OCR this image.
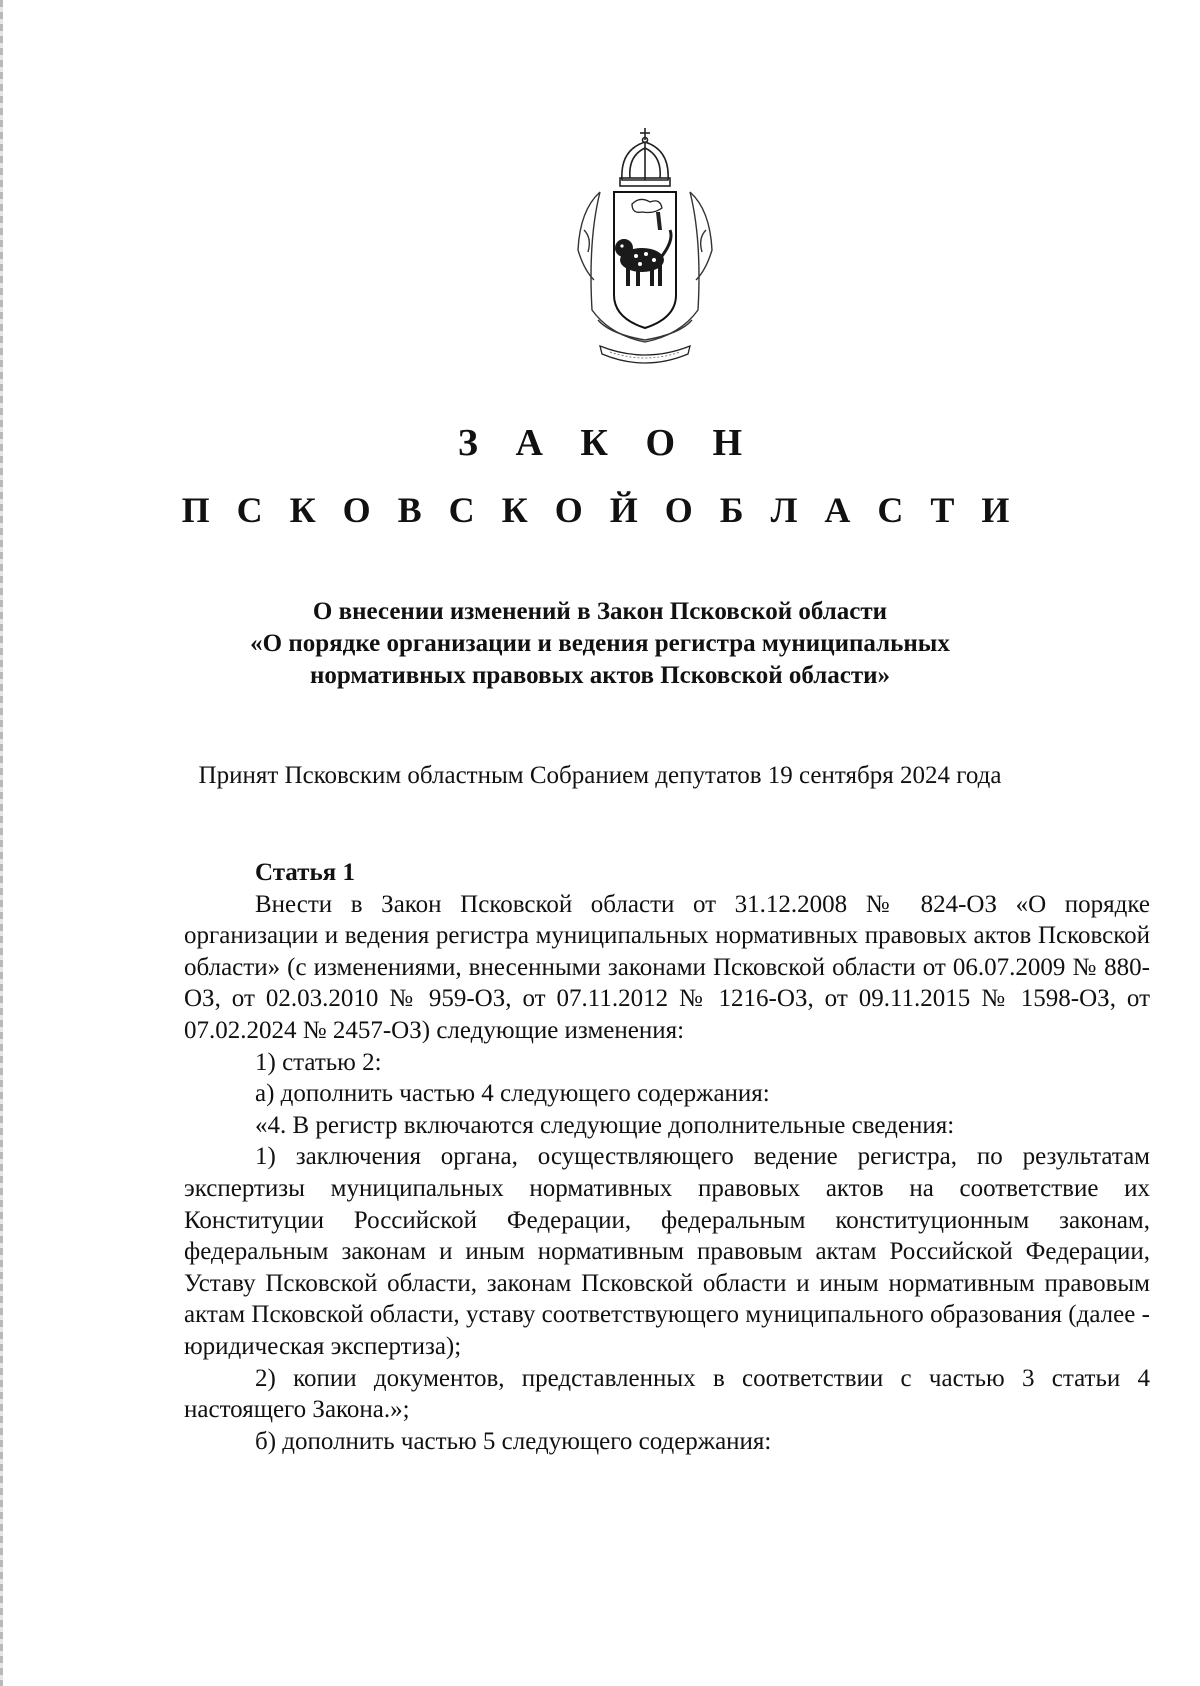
З А К О Н
П С К О В С К О Й О Б Л А С Т И
О внесении изменений в Закон Псковской области
«О порядке организации и ведения регистра муниципальных
нормативных правовых актов Псковской области»

Принят Псковским областным Собранием депутатов 19 сентября 2024 года

Статья 1

Внести в Закон Псковской области от 31.12.2008 № 824-ОЗ «О порядке организации и ведения регистра муниципальных нормативных правовых актов Псковской области» (с изменениями, внесенными законами Псковской области от 06.07.2009 № 880-ОЗ, от 02.03.2010 № 959-ОЗ, от 07.11.2012 № 1216-ОЗ, от 09.11.2015 № 1598-ОЗ, от 07.02.2024 № 2457-ОЗ) следующие изменения:

1) статью 2:

а) дополнить частью 4 следующего содержания:

«4. В регистр включаются следующие дополнительные сведения:

1) заключения органа, осуществляющего ведение регистра, по результатам экспертизы муниципальных нормативных правовых актов на соответствие их Конституции Российской Федерации, федеральным конституционным законам, федеральным законам и иным нормативным правовым актам Российской Федерации, Уставу Псковской области, законам Псковской области и иным нормативным правовым актам Псковской области, уставу соответствующего муниципального образования (далее - юридическая экспертиза);

2) копии документов, представленных в соответствии с частью 3 статьи 4 настоящего Закона.»;

б) дополнить частью 5 следующего содержания:
